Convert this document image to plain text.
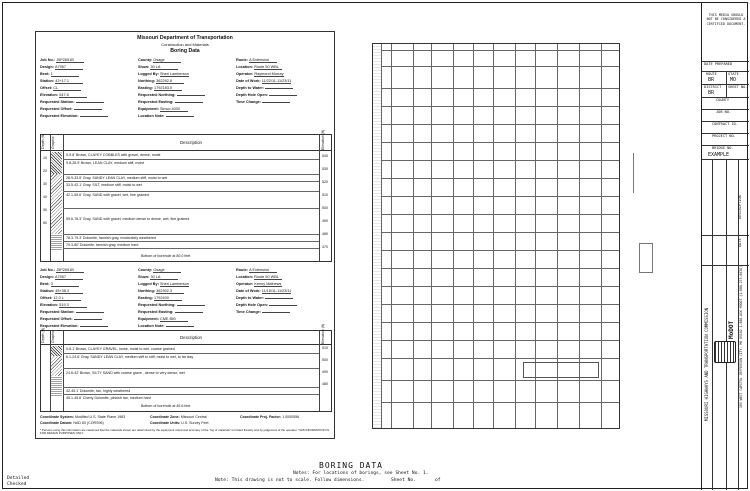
Missouri Department of Transportation
Construction and Materials
Boring Data
Job No.: J5P2651B
Design: A7957
Bent: 1
Station: 42+17.1
Offset: CL
Elevation: 547.6
Requested Station:
Requested Offset:
Requested Elevation:
County: Osage
Show: 30 LA
Logged By: Sheri Lamberson
Northing: 362292.8
Easting: 1792183.5
Requested Northing:
Requested Easting:
Equipment: Simco 4000
Location Note:
Route: A Extension
Location: Route 50 WBL
Operator: Raymond Murray
Date of Work: 11/22/11-11/23/11
Depth to Water:
Depth Hole Open:
Time Change:
Depth (ft) Graphic	Description	Elevation (ft)
10
20
30
40
50
60
540
530
520
510
500
490
480
470
0-9.8' Brown, CLAYEY COBBLES with gravel, dense, moist
9.8-28.9' Brown, LEAN CLAY, medium stiff, moist
28.9-33.5' Gray, SANDY LEAN CLAY, medium stiff, moist to wet
33.5-42.1' Gray, SILT, medium stiff, moist to wet
42.1-59.6' Gray, SAND with gravel, wet, fine grained
59.6-78.3' Gray, SAND with gravel, medium dense to dense, wet, fine grained
78.3-79.3' Dolomite, tannish gray, moderately weathered
79.3-80' Dolomite, tannish gray, medium hard
Bottom of borehole at 80.0 feet
Job No.: J5P2651B
Design: A7957
Bent: 3
Station: 45+38.3
Offset: 12.0 L
Elevation: 519.3
Requested Station:
Requested Offset:
Requested Elevation:
County: Osage
Show: 30 LA
Logged By: Sheri Lamberson
Northing: 362302.3
Easting: 1792400
Requested Northing:
Requested Easting:
Equipment: CME 850
Location Note:
Route: A Extension
Location: Route 50 WBL
Operator: Kenny Mathews
Date of Work: 11/15/11-11/23/11
Depth to Water:
Depth Hole Open:
Time Change:
Depth (ft) Graphic	Description	Elevation (ft)
510
500
490
480
0-6.1' Brown, CLAYEY GRAVEL, loose, moist to wet, coarse grained
6.1-24.6' Gray, SANDY LEAN CLAY, medium stiff to stiff, moist to wet, to fat clay
24.6-42' Brown, SILTY SAND with coarse grave , dense to very dense, wet
42-45.1' Dolomite, tan, highly weathered
45.1-45.6' Cherty Dolomite, pinkish tan, medium hard
Bottom of borehole at 45.6 feet
Coordinate System: Modified U.S. State Plane 1983	Coordinate Zone: Missouri Central	Coordinate Proj. Factor: 1.0000556
Coordinate Datum: NAD 83 (CORS96)	Coordinate Units: U.S. Survey Feet
* Persons using this information are cautioned that the materials shown are determined by the equipment noted and accuracy of the "log of materials" is limited thereby and by judgement of the operator. THIS INFORMATION IS FOR DESIGN PURPOSES ONLY.
BORING DATA
Notes: For locations of borings, see Sheet No. 1.
Note: This drawing is not to scale. Follow dimensions.	Sheet No.	of
Detailed
Checked
THIS MEDIA SHOULD NOT BE CONSIDERED A CERTIFIED DOCUMENT.
DATE PREPARED
ROUTE	STATE
BR	MO
DISTRICT SHEET NO.
BR
COUNTY
JOB NO.
CONTRACT ID.
PROJECT NO.
BRIDGE NO.
EXAMPLE
DESCRIPTION
DATE
MoDOT
MISSOURI HIGHWAYS AND TRANSPORTATION COMMISSION	105 WEST CAPITOL JEFFERSON CITY, MO 65102 1-888-ASK MODOT (1-888-275-6636)
